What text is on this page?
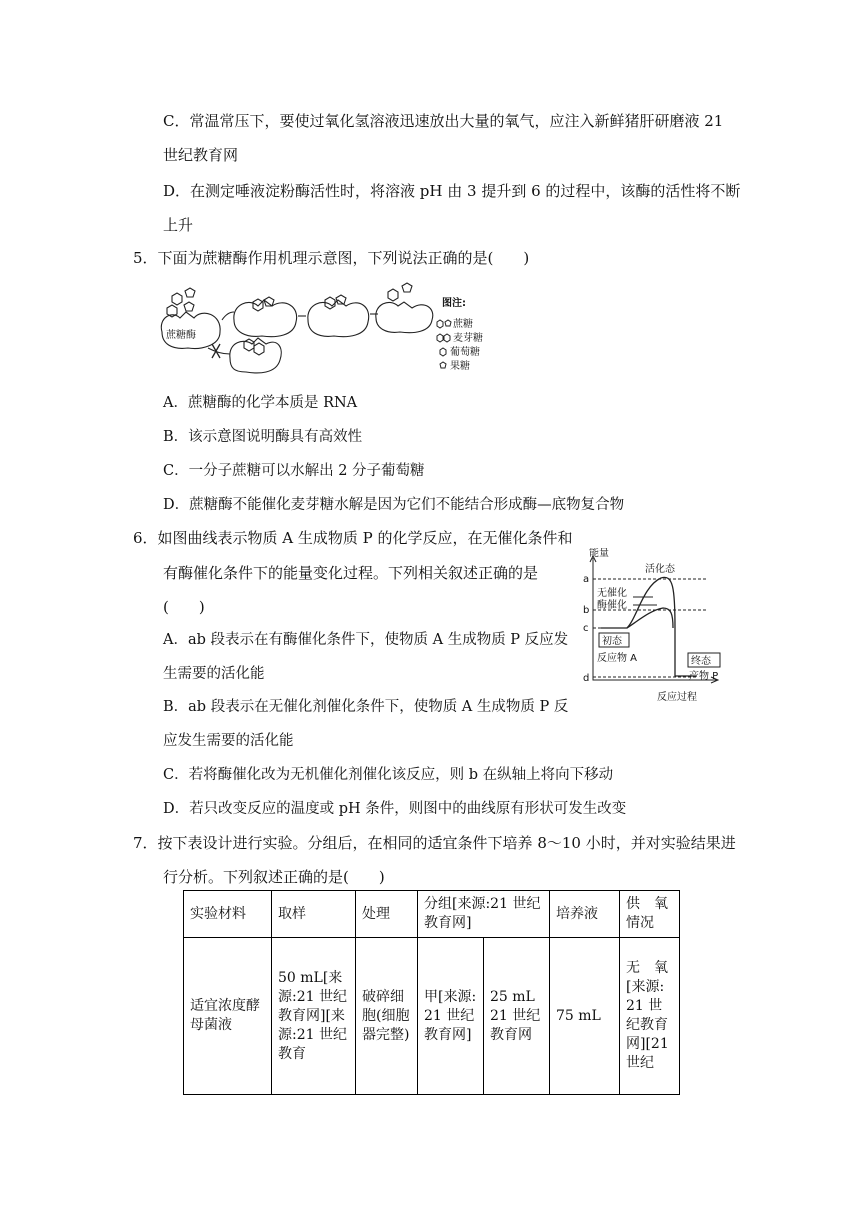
C．常温常压下，要使过氧化氢溶液迅速放出大量的氧气，应注入新鲜猪肝研磨液 21
世纪教育网
D．在测定唾液淀粉酶活性时，将溶液 pH 由 3 提升到 6 的过程中，该酶的活性将不断
上升
5．下面为蔗糖酶作用机理示意图，下列说法正确的是(　　)
蔗糖酶
图注:
蔗糖
麦芽糖
葡萄糖
果糖
A．蔗糖酶的化学本质是 RNA
B．该示意图说明酶具有高效性
C．一分子蔗糖可以水解出 2 分子葡萄糖
D．蔗糖酶不能催化麦芽糖水解是因为它们不能结合形成酶—底物复合物
6．如图曲线表示物质 A 生成物质 P 的化学反应，在无催化条件和
有酶催化条件下的能量变化过程。下列相关叙述正确的是
(　　)
A．ab 段表示在有酶催化条件下，使物质 A 生成物质 P 反应发
生需要的活化能
B．ab 段表示在无催化剂催化条件下，使物质 A 生成物质 P 反
应发生需要的活化能
C．若将酶催化改为无机催化剂催化该反应，则 b 在纵轴上将向下移动
D．若只改变反应的温度或 pH 条件，则图中的曲线原有形状可发生改变
能量
反应过程
a
b
c
d
活化态
无催化
酶催化
初态
反应物 A	终态
产物 P
7．按下表设计进行实验。分组后，在相同的适宜条件下培养 8～10 小时，并对实验结果进
行分析。下列叙述正确的是(　　)
实验材料	取样	处理	分组[来源:21 世纪教育网]		培养液	供　氧情况

适宜浓度酵母菌液	50 mL[来源:21 世纪教育网][来源:21 世纪教育	破碎细胞(细胞器完整)	甲[来源:21 世纪教育网]	25 mL21 世纪教育网	75 mL	无　氧[来源:21 世纪教育网][21 世纪
